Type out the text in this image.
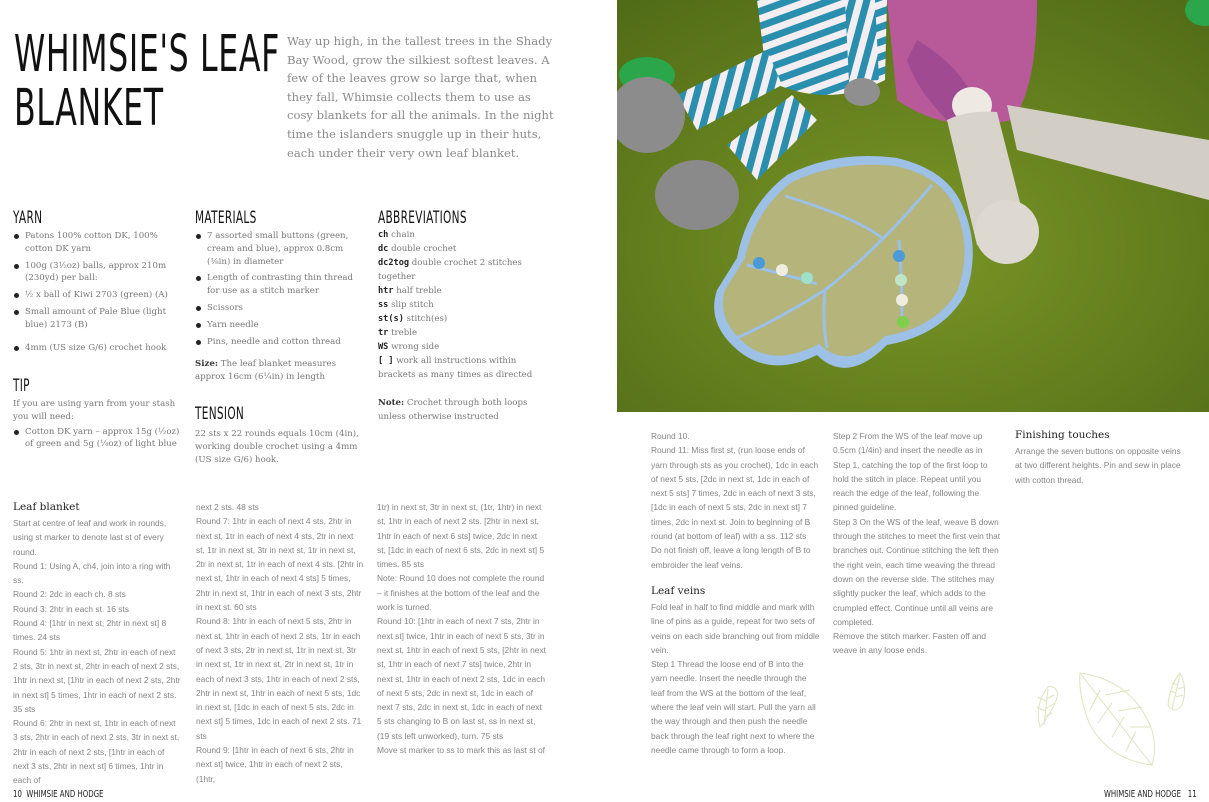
WHIMSIE'S LEAF
BLANKET
Way up high, in the tallest trees in the Shady Bay Wood, grow the silkiest softest leaves. A few of the leaves grow so large that, when they fall, Whimsie collects them to use as cosy blankets for all the animals. In the night time the islanders snuggle up in their huts, each under their very own leaf blanket.
YARN
Patons 100% cotton DK, 100% cotton DK yarn
100g (3½oz) balls, approx 210m (230yd) per ball:
½ x ball of Kiwi 2703 (green) (A)
Small amount of Pale Blue (light blue) 2173 (B)
4mm (US size G/6) crochet hook
TIP
If you are using yarn from your stash you will need:
Cotton DK yarn – approx 15g (½oz) of green and 5g (¼oz) of light blue
MATERIALS
7 assorted small buttons (green, cream and blue), approx 0.8cm (⅜in) in diameter
Length of contrasting thin thread for use as a stitch marker
Scissors
Yarn needle
Pins, needle and cotton thread
Size: The leaf blanket measures approx 16cm (6¼in) in length
TENSION
22 sts x 22 rounds equals 10cm (4in), working double crochet using a 4mm (US size G/6) hook.
ABBREVIATIONS
ch chain
dc double crochet
dc2tog double crochet 2 stitches together
htr half treble
ss slip stitch
st(s) stitch(es)
tr treble
WS wrong side
[ ] work all instructions within brackets as many times as directed
Note: Crochet through both loops unless otherwise instructed
Leaf blanket
Start at centre of leaf and work in rounds, using st marker to denote last st of every round.
Round 1: Using A, ch4, join into a ring with ss.
Round 2: 2dc in each ch. 8 sts
Round 3: 2htr in each st. 16 sts
Round 4: [1htr in next st, 2htr in next st] 8 times. 24 sts
Round 5: 1htr in next st, 2htr in each of next 2 sts, 3tr in next st, 2htr in each of next 2 sts, 1htr in next st, [1htr in each of next 2 sts, 2htr in next st] 5 times, 1htr in each of next 2 sts. 35 sts
Round 6: 2htr in next st, 1htr in each of next 3 sts, 2htr in each of next 2 sts, 3tr in next st, 2htr in each of next 2 sts, [1htr in each of next 3 sts, 2htr in next st] 6 times, 1htr in each of
next 2 sts. 48 sts
Round 7: 1htr in each of next 4 sts, 2htr in next st, 1tr in each of next 4 sts, 2tr in next st, 1tr in next st, 3tr in next st, 1tr in next st, 2tr in next st, 1tr in each of next 4 sts. [2htr in next st, 1htr in each of next 4 sts] 5 times, 2htr in next st, 1htr in each of next 3 sts, 2htr in next st. 60 sts
Round 8: 1htr in each of next 5 sts, 2htr in next st, 1htr in each of next 2 sts, 1tr in each of next 3 sts, 2tr in next st, 1tr in next st, 3tr in next st, 1tr in next st, 2tr in next st, 1tr in each of next 3 sts, 1htr in each of next 2 sts, 2htr in next st, 1htr in each of next 5 sts, 1dc in next st, [1dc in each of next 5 sts, 2dc in next st] 5 times, 1dc in each of next 2 sts. 71 sts
Round 9: [1htr in each of next 6 sts, 2htr in next st] twice, 1htr in each of next 2 sts, (1htr,
1tr) in next st, 3tr in next st, (1tr, 1htr) in next st, 1htr in each of next 2 sts. [2htr in next st, 1htr in each of next 6 sts] twice, 2dc in next st, [1dc in each of next 6 sts, 2dc in next st] 5 times. 85 sts
Note: Round 10 does not complete the round – it finishes at the bottom of the leaf and the work is turned.
Round 10: [1htr in each of next 7 sts, 2htr in next st] twice, 1htr in each of next 5 sts, 3tr in next st, 1htr in each of next 5 sts, [2htr in next st, 1htr in each of next 7 sts] twice, 2htr in next st, 1htr in each of next 2 sts, 1dc in each of next 5 sts, 2dc in next st, 1dc in each of next 7 sts, 2dc in next st, 1dc in each of next 5 sts changing to B on last st, ss in next st, (19 sts left unworked), turn. 75 sts
Move st marker to ss to mark this as last st of
10 WHIMSIE AND HODGE
Round 10.
Round 11: Miss first st, (run loose ends of yarn through sts as you crochet), 1dc in each of next 5 sts, [2dc in next st, 1dc in each of next 5 sts] 7 times, 2dc in each of next 3 sts, [1dc in each of next 5 sts, 2dc in next st] 7 times, 2dc in next st. Join to beginning of B round (at bottom of leaf) with a ss. 112 sts
Do not finish off, leave a long length of B to embroider the leaf veins.
Leaf veins
Fold leaf in half to find middle and mark with line of pins as a guide, repeat for two sets of veins on each side branching out from middle vein.
Step 1 Thread the loose end of B into the yarn needle. Insert the needle through the leaf from the WS at the bottom of the leaf, where the leaf vein will start. Pull the yarn all the way through and then push the needle back through the leaf right next to where the needle came through to form a loop.
Step 2 From the WS of the leaf move up 0.5cm (1/4in) and insert the needle as in Step 1, catching the top of the first loop to hold the stitch in place. Repeat until you reach the edge of the leaf, following the pinned guideline.
Step 3 On the WS of the leaf, weave B down through the stitches to meet the first vein that branches out. Continue stitching the left then the right vein, each time weaving the thread down on the reverse side. The stitches may slightly pucker the leaf, which adds to the crumpled effect. Continue until all veins are completed.
Remove the stitch marker. Fasten off and weave in any loose ends.
Finishing touches
Arrange the seven buttons on opposite veins at two different heights. Pin and sew in place with cotton thread.
WHIMSIE AND HODGE 11
